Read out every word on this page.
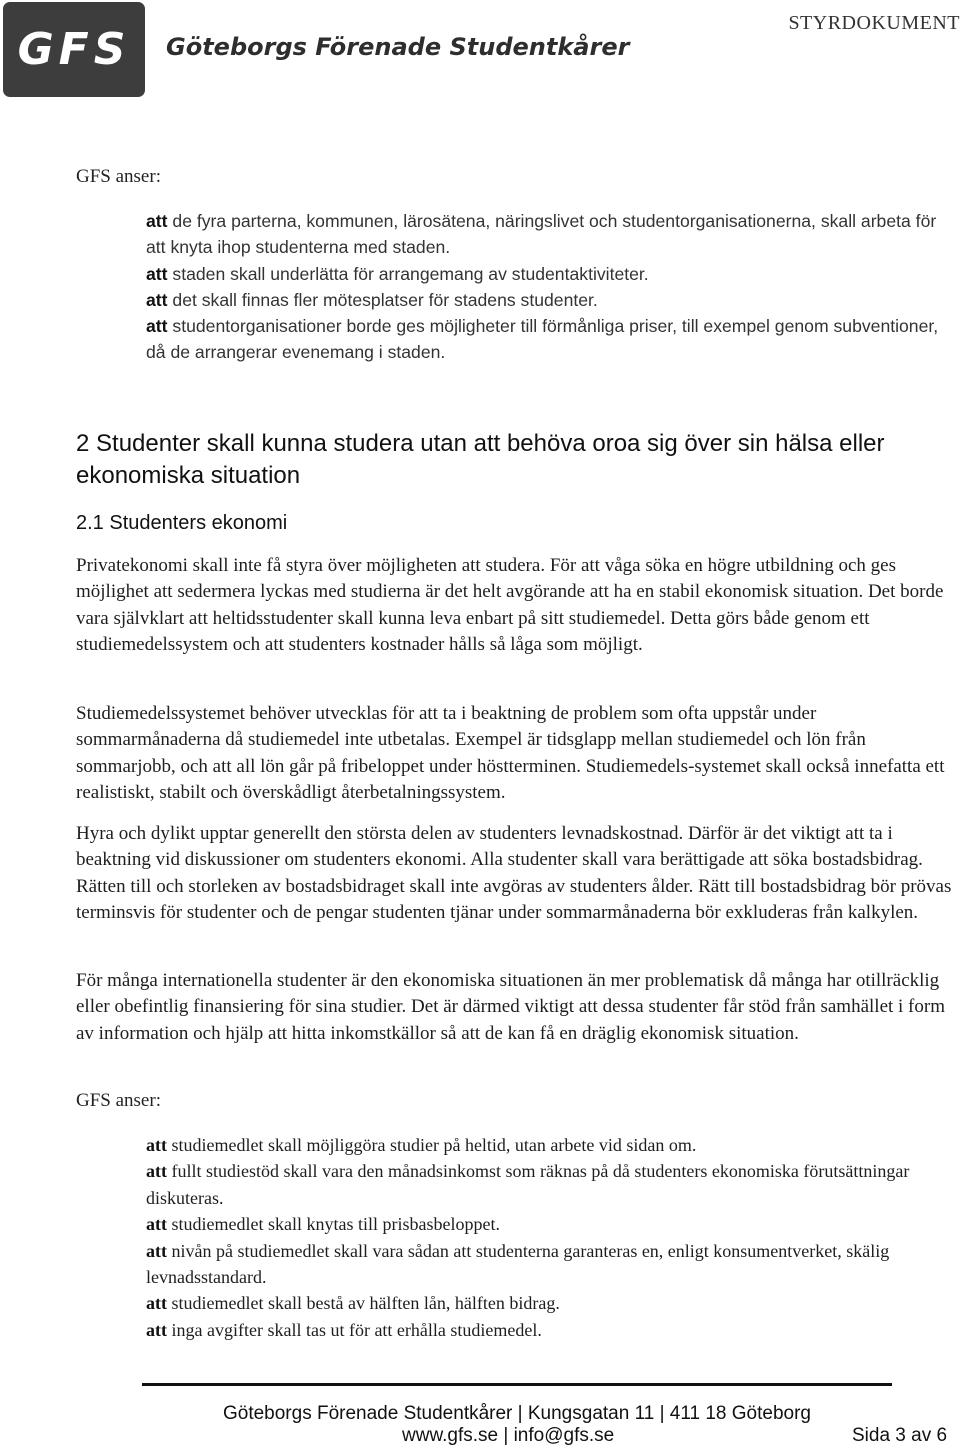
GFS Göteborgs Förenade Studentkårer
STYRDOKUMENT
GFS anser:

att de fyra parterna, kommunen, lärosätena, näringslivet och studentorganisationerna, skall arbeta för att knyta ihop studenterna med staden.

att staden skall underlätta för arrangemang av studentaktiviteter.

att det skall finnas fler mötesplatser för stadens studenter.

att studentorganisationer borde ges möjligheter till förmånliga priser, till exempel genom subventioner, då de arrangerar evenemang i staden.

2 Studenter skall kunna studera utan att behöva oroa sig över sin hälsa eller ekonomiska situation
2.1 Studenters ekonomi

Privatekonomi skall inte få styra över möjligheten att studera. För att våga söka en högre utbildning och ges möjlighet att sedermera lyckas med studierna är det helt avgörande att ha en stabil ekonomisk situation. Det borde vara självklart att heltidsstudenter skall kunna leva enbart på sitt studiemedel. Detta görs både genom ett studiemedelssystem och att studenters kostnader hålls så låga som möjligt.

Studiemedelssystemet behöver utvecklas för att ta i beaktning de problem som ofta uppstår under sommarmånaderna då studiemedel inte utbetalas. Exempel är tidsglapp mellan studiemedel och lön från sommarjobb, och att all lön går på fribeloppet under höstterminen. Studiemedels-systemet skall också innefatta ett realistiskt, stabilt och överskådligt återbetalningssystem.

Hyra och dylikt upptar generellt den största delen av studenters levnadskostnad. Därför är det viktigt att ta i beaktning vid diskussioner om studenters ekonomi. Alla studenter skall vara berättigade att söka bostadsbidrag. Rätten till och storleken av bostadsbidraget skall inte avgöras av studenters ålder. Rätt till bostadsbidrag bör prövas terminsvis för studenter och de pengar studenten tjänar under sommarmånaderna bör exkluderas från kalkylen.

För många internationella studenter är den ekonomiska situationen än mer problematisk då många har otillräcklig eller obefintlig finansiering för sina studier. Det är därmed viktigt att dessa studenter får stöd från samhället i form av information och hjälp att hitta inkomstkällor så att de kan få en dräglig ekonomisk situation.

GFS anser:

att studiemedlet skall möjliggöra studier på heltid, utan arbete vid sidan om.

att fullt studiestöd skall vara den månadsinkomst som räknas på då studenters ekonomiska förutsättningar diskuteras.

att studiemedlet skall knytas till prisbasbeloppet.

att nivån på studiemedlet skall vara sådan att studenterna garanteras en, enligt konsumentverket, skälig levnadsstandard.

att studiemedlet skall bestå av hälften lån, hälften bidrag.

att inga avgifter skall tas ut för att erhålla studiemedel.

Göteborgs Förenade Studentkårer | Kungsgatan 11 | 411 18 Göteborg
www.gfs.se | info@gfs.se	Sida 3 av 6
